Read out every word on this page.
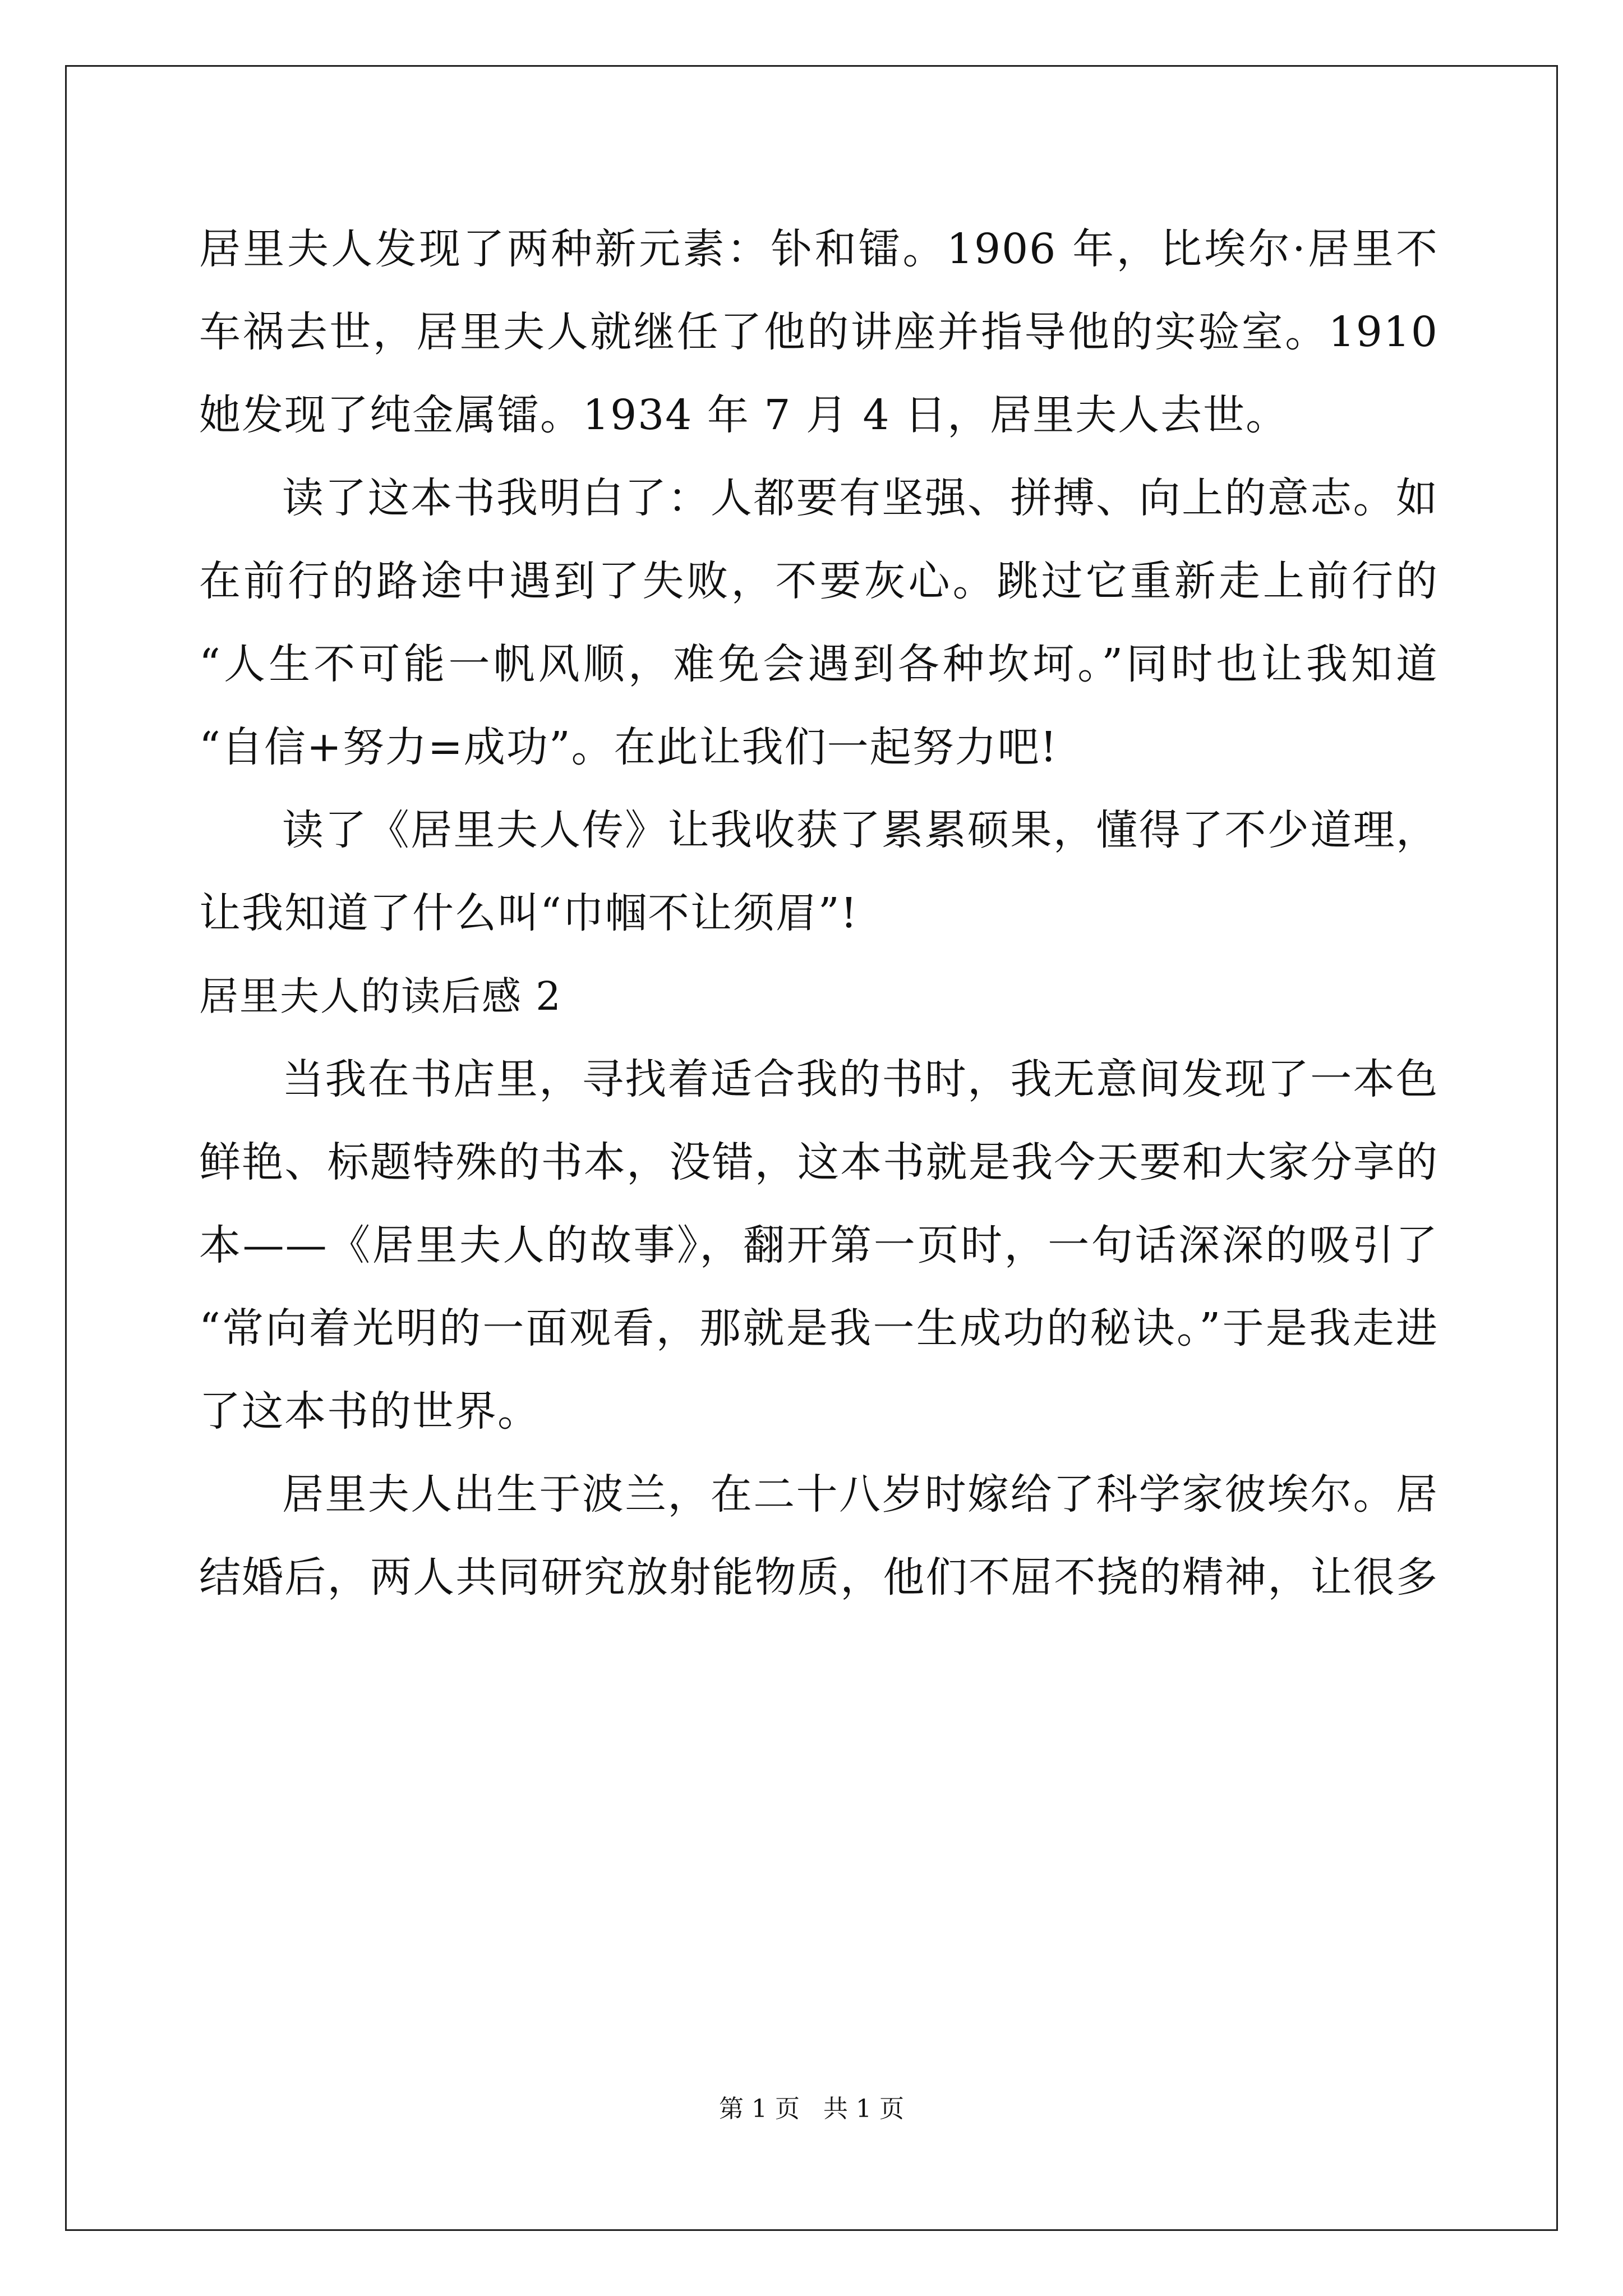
居里夫人发现了两种新元素：钋和镭。1906 年，比埃尔·居里不
车祸去世，居里夫人就继任了他的讲座并指导他的实验室。1910
她发现了纯金属镭。1934 年 7 月 4 日，居里夫人去世。
读了这本书我明白了：人都要有坚强、拼搏、向上的意志。如
在前行的路途中遇到了失败，不要灰心。跳过它重新走上前行的
“人生不可能一帆风顺，难免会遇到各种坎坷。”同时也让我知道
“自信+努力=成功”。在此让我们一起努力吧!
读了《居里夫人传》让我收获了累累硕果，懂得了不少道理，
让我知道了什么叫“巾帼不让须眉”!
居里夫人的读后感 2
当我在书店里，寻找着适合我的书时，我无意间发现了一本色
鲜艳、标题特殊的书本，没错，这本书就是我今天要和大家分享的
本——《居里夫人的故事》，翻开第一页时，一句话深深的吸引了
“常向着光明的一面观看，那就是我一生成功的秘诀。”于是我走进
了这本书的世界。
居里夫人出生于波兰，在二十八岁时嫁给了科学家彼埃尔。居
结婚后，两人共同研究放射能物质，他们不屈不挠的精神，让很多
第 1 页   共 1 页
